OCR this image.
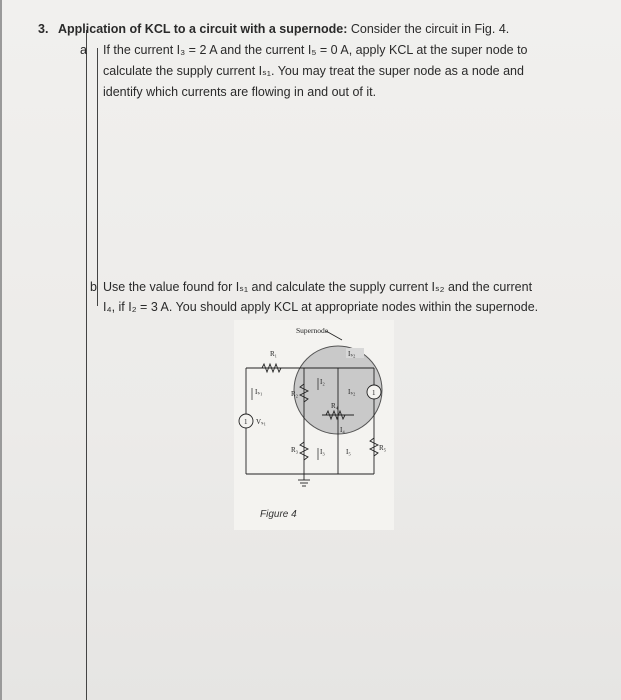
3. Application of KCL to a circuit with a supernode: Consider the circuit in Fig. 4.
a If the current I₃ = 2 A and the current I₅ = 0 A, apply KCL at the super node to
calculate the supply current Iₛ₁. You may treat the super node as a node and
identify which currents are flowing in and out of it.
b Use the value found for Iₛ₁ and calculate the supply current Iₛ₂ and the current
I₄, if I₂ = 3 A. You should apply KCL at appropriate nodes within the supernode.
Supernode
R₁
R₂
R₃
R₄
R₅
1 Vₛ₁
Iₛ₁	1
Iₛ₂
Iₛ₂
I₂
I₄
I₃	I₅
Figure 4
